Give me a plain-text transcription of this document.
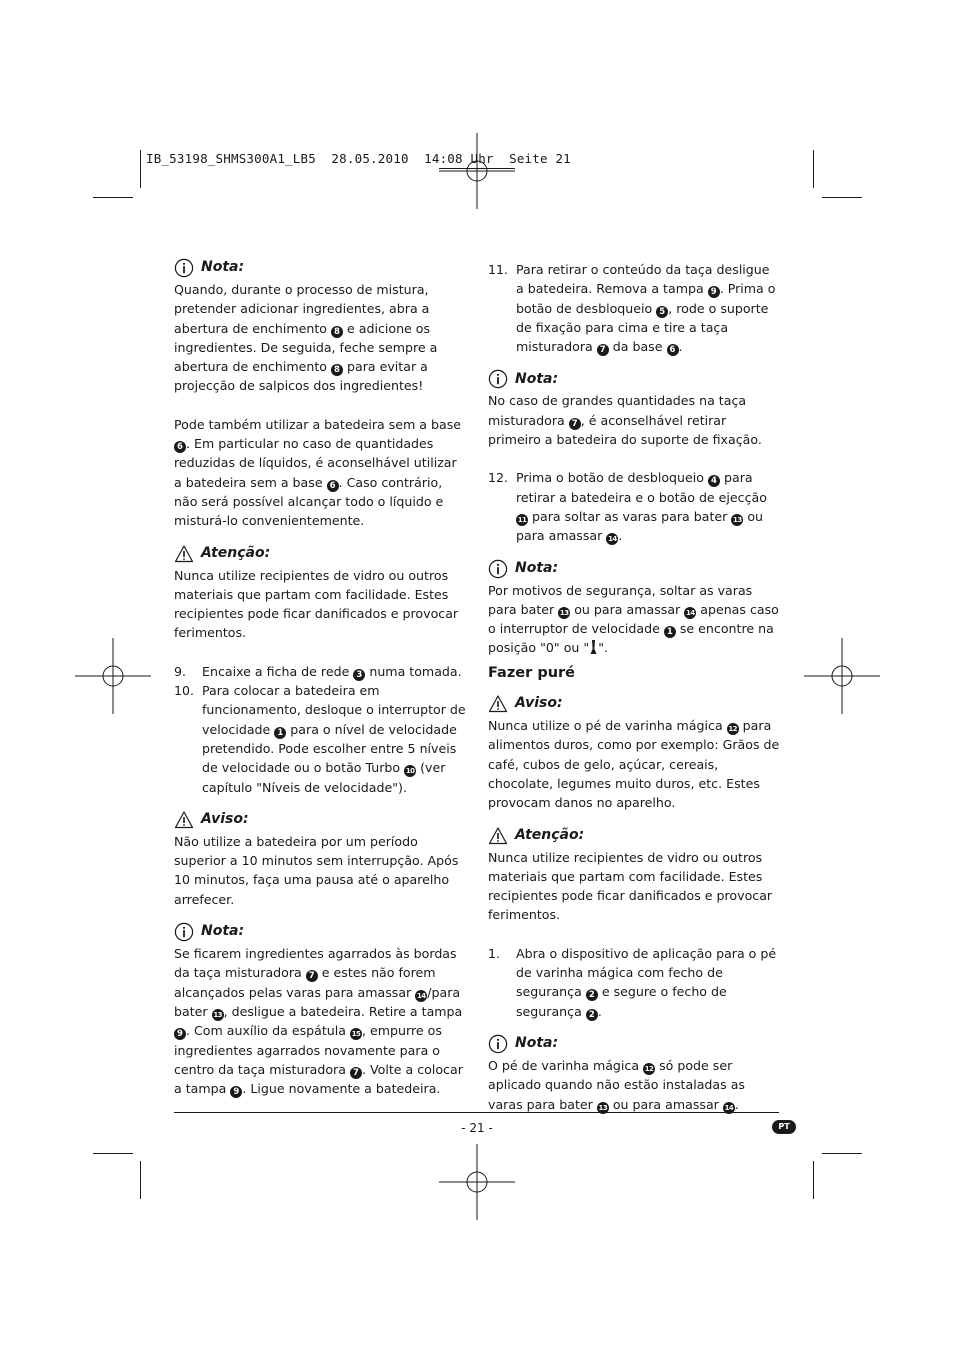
IB_53198_SHMS300A1_LB5  28.05.2010  14:08 Uhr  Seite 21
Nota:

Quando, durante o processo de mistura, pretender adicionar ingredientes, abra a abertura de enchimento 8 e adicione os ingredientes. De seguida, feche sempre a abertura de enchimento 8 para evitar a projecção de salpicos dos ingredientes!

Pode também utilizar a batedeira sem a base 6 . Em particular no caso de quantidades reduzidas de líquidos, é aconselhável utilizar a batedeira sem a base 6 . Caso contrário, não será possível alcançar todo o líquido e misturá-lo convenientemente.

Atenção:

Nunca utilize recipientes de vidro ou outros materiais que partam com facilidade. Estes recipientes pode ficar danificados e provocar ferimentos.

9.	Encaixe a ficha de rede 3 numa tomada.
10. Para colocar a batedeira em funcionamento, desloque o interruptor de velocidade 1 para o nível de velocidade pretendido. Pode escolher entre 5 níveis de velocidade ou o botão Turbo 10 (ver capítulo "Níveis de velocidade").
Aviso:

Não utilize a batedeira por um período superior a 10 minutos sem interrupção. Após 10 minutos, faça uma pausa até o aparelho arrefecer.

Nota:

Se ficarem ingredientes agarrados às bordas da taça misturadora 7 e estes não forem alcançados pelas varas para amassar 14 /para bater 13 , desligue a batedeira. Retire a tampa 9 . Com auxílio da espátula 15 , empurre os ingredientes agarrados novamente para o centro da taça misturadora 7 . Volte a colocar a tampa 9 . Ligue novamente a batedeira.

11. Para retirar o conteúdo da taça desligue a batedeira. Remova a tampa 9 . Prima o botão de desbloqueio 5 , rode o suporte de fixação para cima e tire a taça misturadora 7 da base 6 .
Nota:

No caso de grandes quantidades na taça misturadora 7 , é aconselhável retirar primeiro a batedeira do suporte de fixação.

12. Prima o botão de desbloqueio 4 para retirar a batedeira e o botão de ejecção 11 para soltar as varas para bater 13 ou para amassar 14 .
Nota:

Por motivos de segurança, soltar as varas para bater 13 ou para amassar 14 apenas caso o interruptor de velocidade 1 se encontre na posição "0" ou " ".

Fazer puré
Aviso:

Nunca utilize o pé de varinha mágica 12 para alimentos duros, como por exemplo: Grãos de café, cubos de gelo, açúcar, cereais, chocolate, legumes muito duros, etc. Estes provocam danos no aparelho.

Atenção:

Nunca utilize recipientes de vidro ou outros materiais que partam com facilidade. Estes recipientes pode ficar danificados e provocar ferimentos.

1.	Abra o dispositivo de aplicação para o pé de varinha mágica com fecho de segurança 2 e segure o fecho de segurança 2 .
Nota:

O pé de varinha mágica 12 só pode ser aplicado quando não estão instaladas as varas para bater 13 ou para amassar 14 .

- 21 -	PT
